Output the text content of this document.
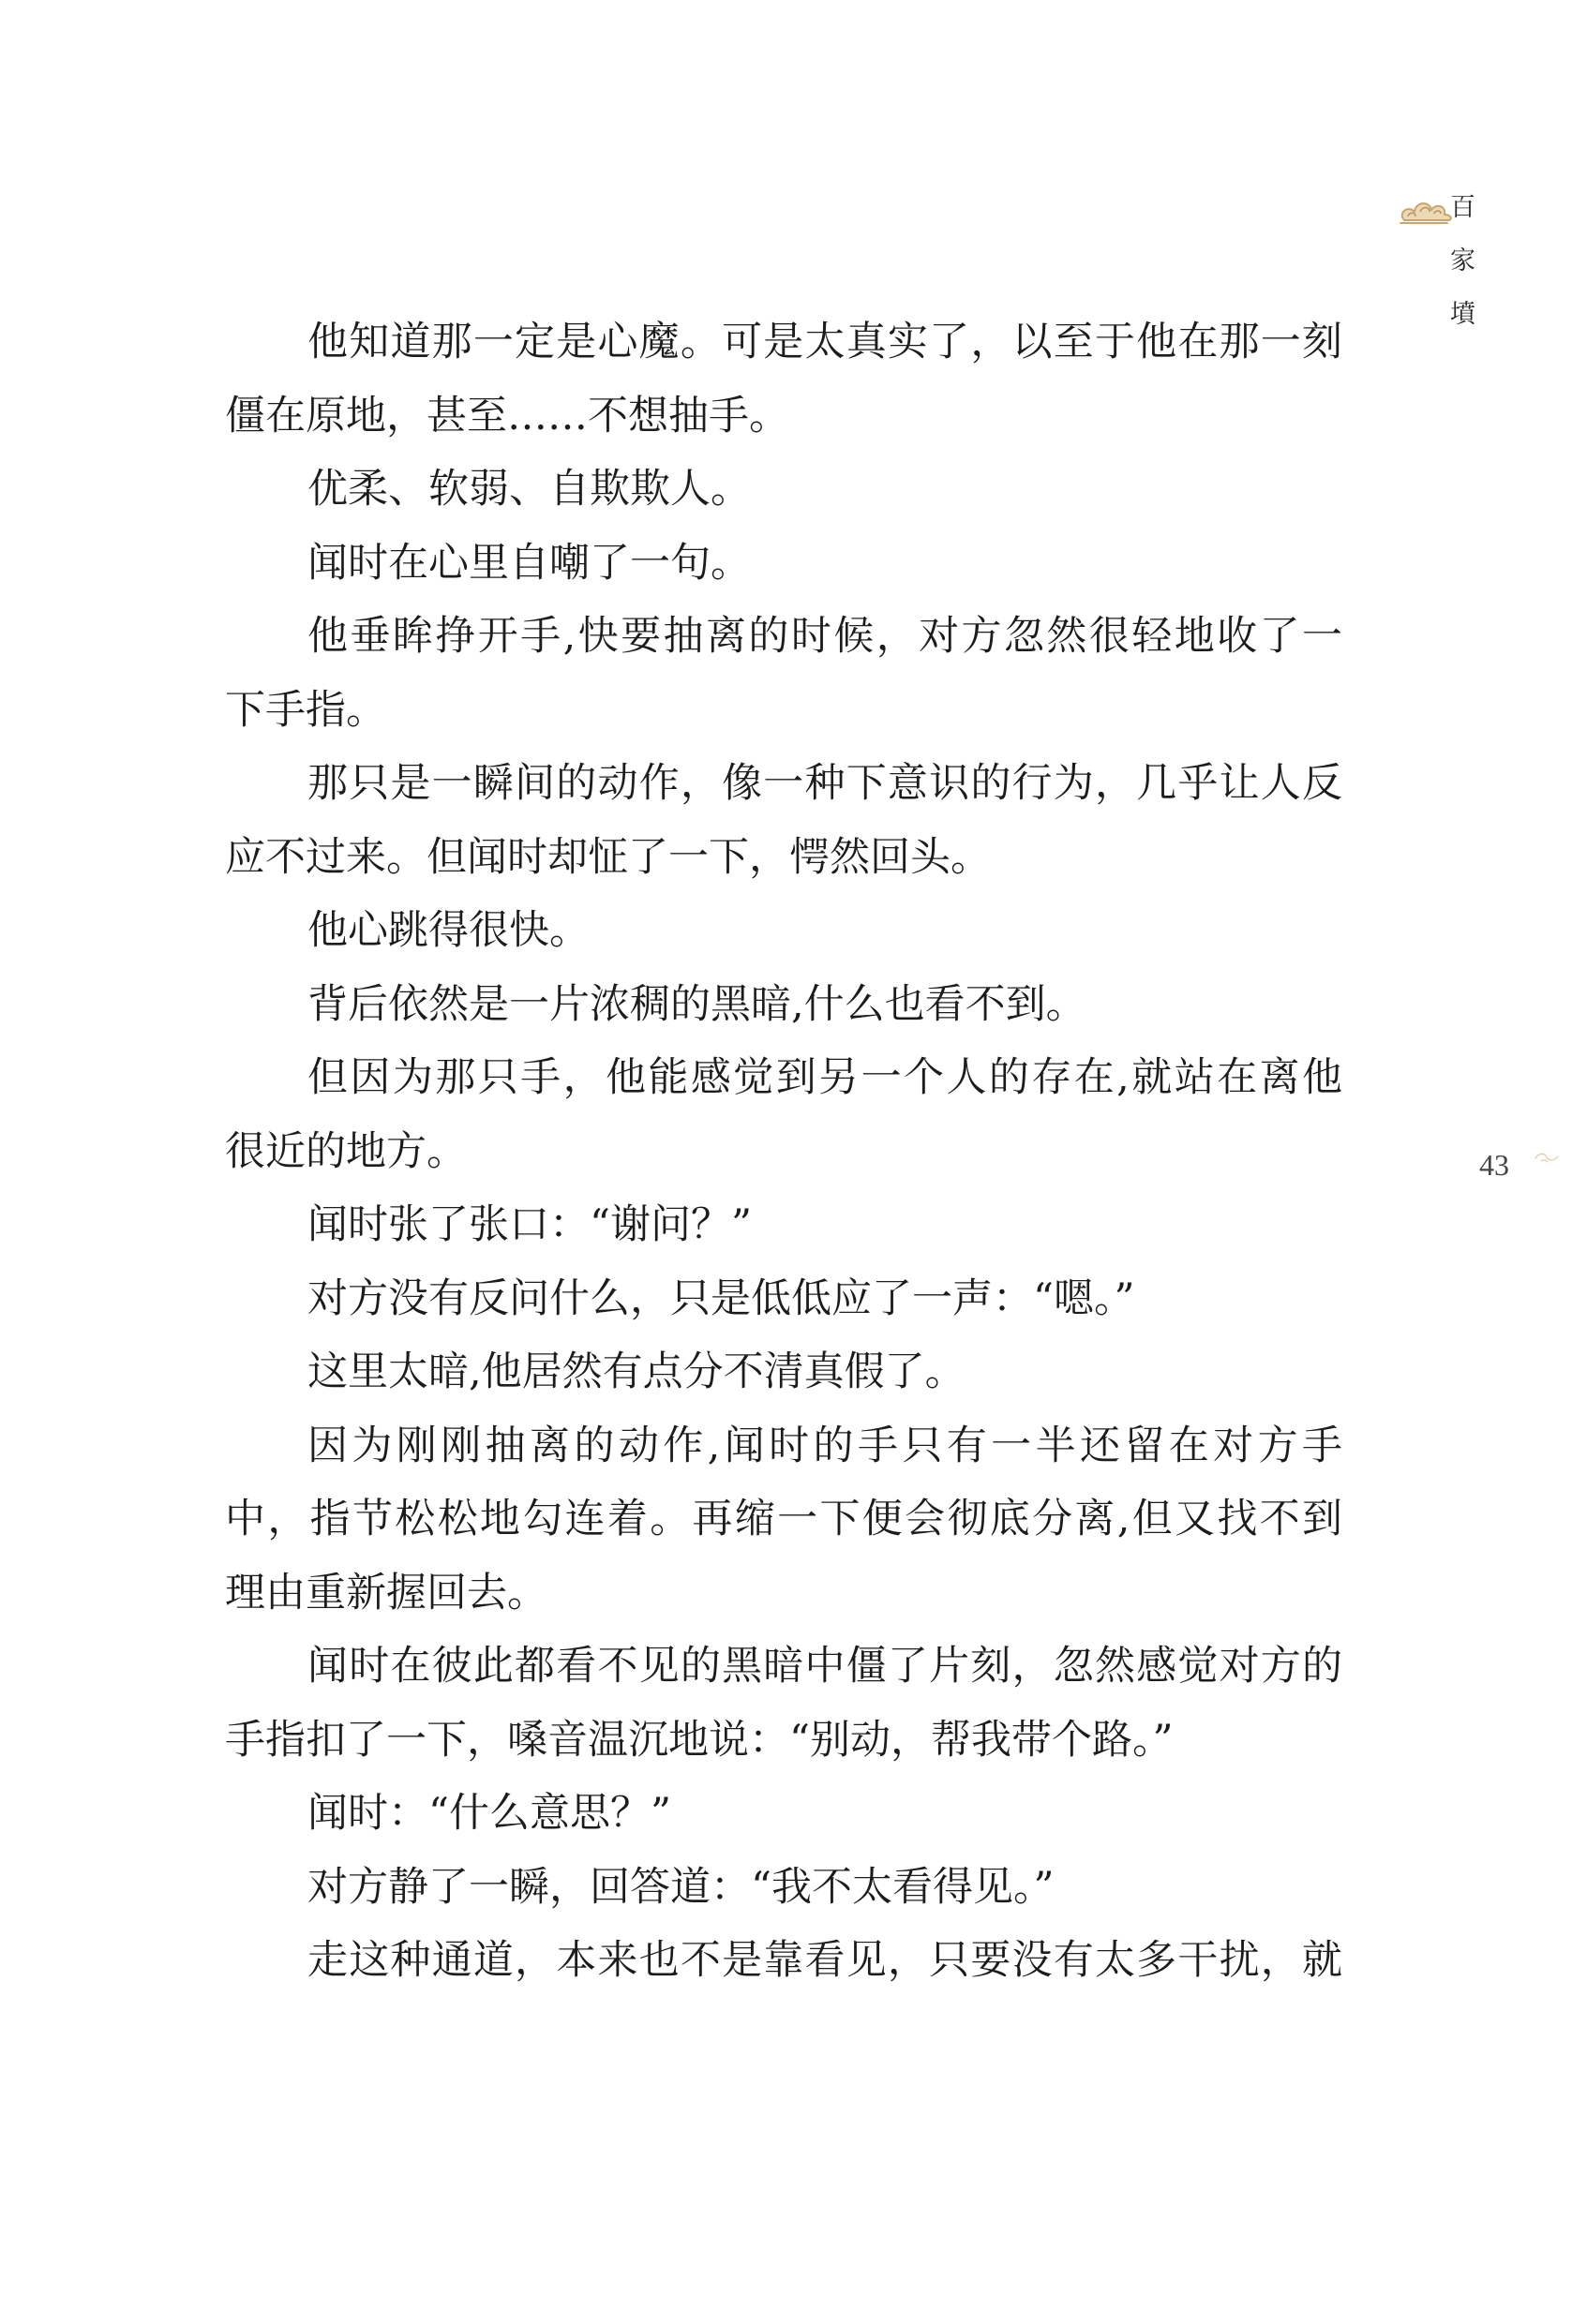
百家墳
他知道那一定是心魔。可是太真实了，以至于他在那一刻
僵在原地，甚至……不想抽手。
优柔、软弱、自欺欺人。
闻时在心里自嘲了一句。
他垂眸挣开手,快要抽离的时候，对方忽然很轻地收了一
下手指。
那只是一瞬间的动作，像一种下意识的行为，几乎让人反
应不过来。但闻时却怔了一下，愕然回头。
他心跳得很快。
背后依然是一片浓稠的黑暗,什么也看不到。
但因为那只手，他能感觉到另一个人的存在,就站在离他
很近的地方。
闻时张了张口：“谢问？”
对方没有反问什么，只是低低应了一声：“嗯。”
这里太暗,他居然有点分不清真假了。
因为刚刚抽离的动作,闻时的手只有一半还留在对方手
中，指节松松地勾连着。再缩一下便会彻底分离,但又找不到
理由重新握回去。
闻时在彼此都看不见的黑暗中僵了片刻，忽然感觉对方的
手指扣了一下，嗓音温沉地说：“别动，帮我带个路。”
闻时：“什么意思？”
对方静了一瞬，回答道：“我不太看得见。”
走这种通道，本来也不是靠看见，只要没有太多干扰，就
43
